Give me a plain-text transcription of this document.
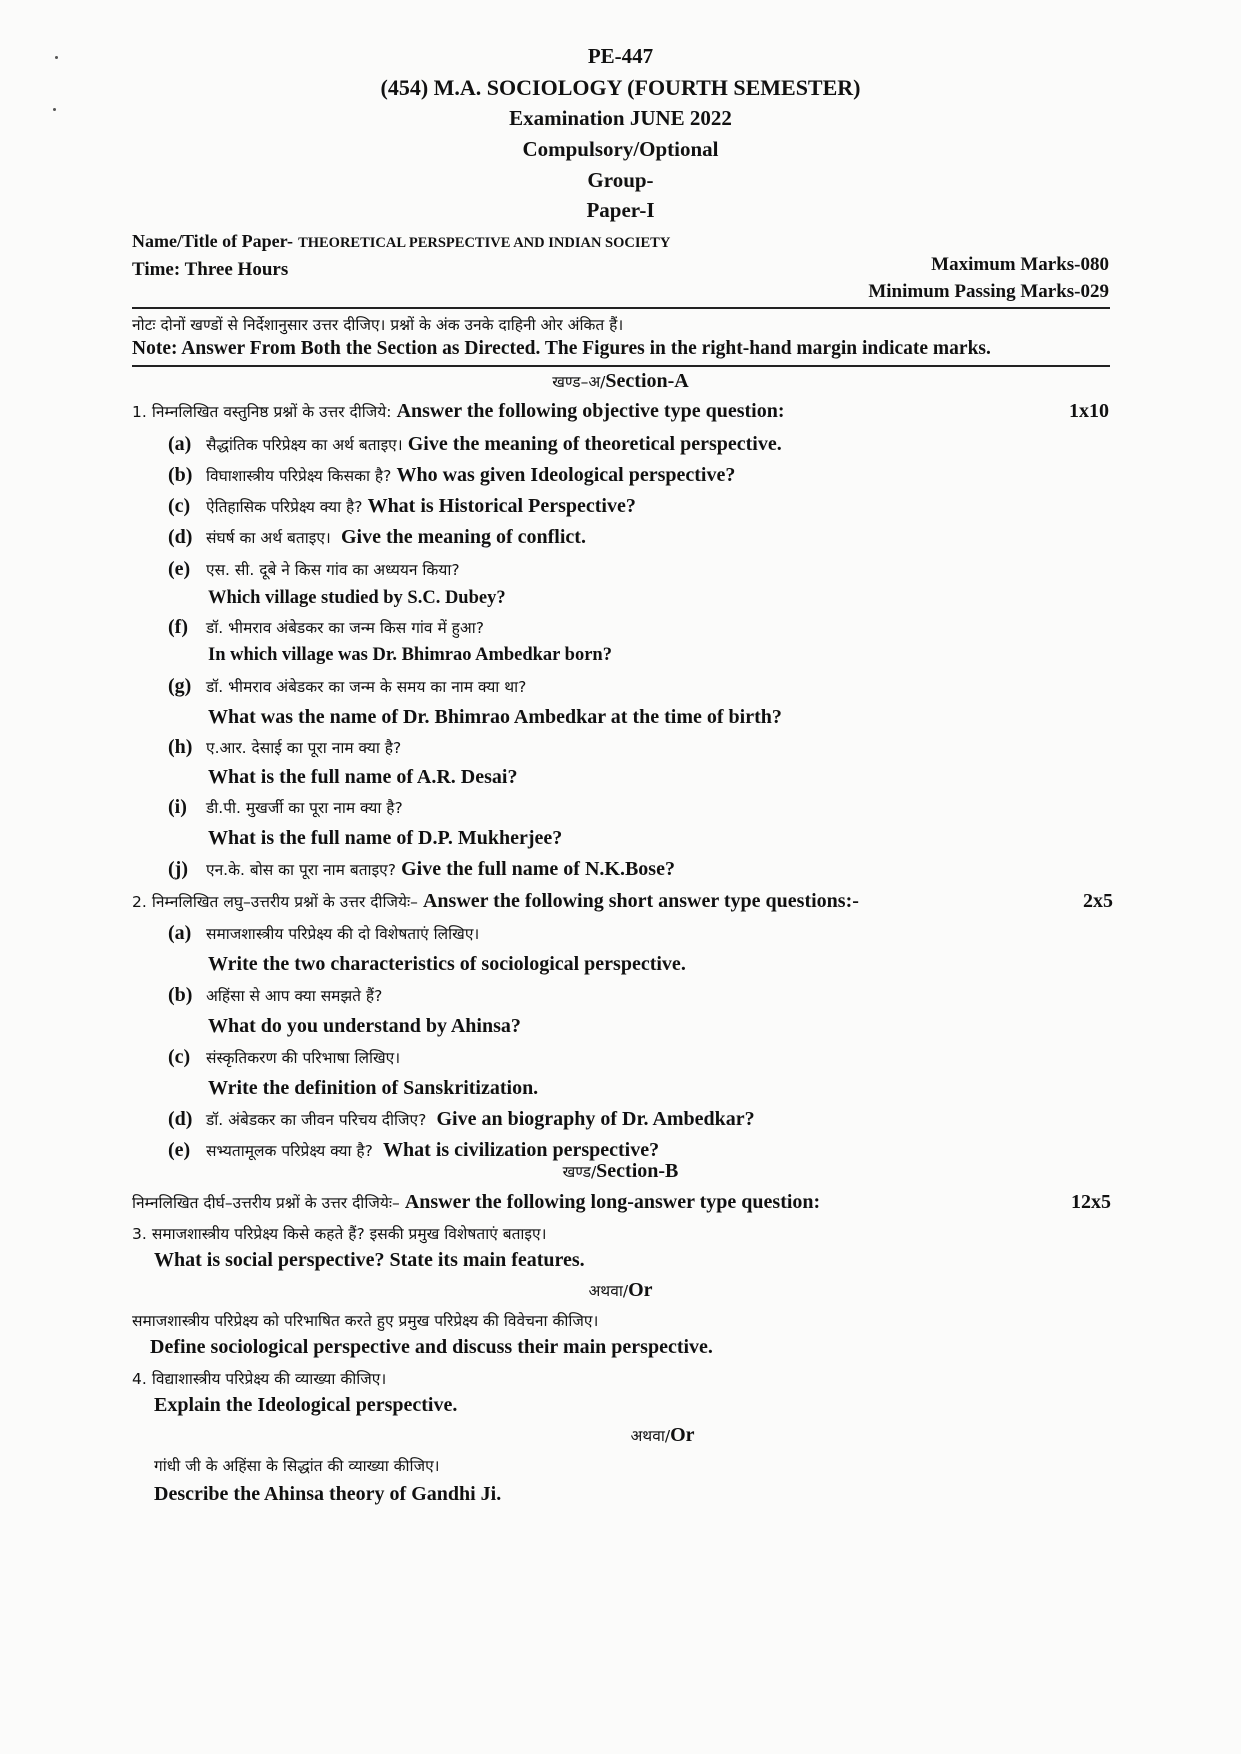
PE-447
(454) M.A. SOCIOLOGY (FOURTH SEMESTER)
Examination JUNE 2022
Compulsory/Optional
Group-
Paper-I
Name/Title of Paper- THEORETICAL PERSPECTIVE AND INDIAN SOCIETY
Time: Three Hours	Maximum Marks-080
Minimum Passing Marks-029
नोटः दोनों खण्डों से निर्देशानुसार उत्तर दीजिए। प्रश्नों के अंक उनके दाहिनी ओर अंकित हैं।
Note: Answer From Both the Section as Directed. The Figures in the right-hand margin indicate marks.
खण्ड–अ/Section-A
1. निम्नलिखित वस्तुनिष्ठ प्रश्नों के उत्तर दीजिये: Answer the following objective type question:	1x10
(a) सैद्धांतिक परिप्रेक्ष्य का अर्थ बताइए। Give the meaning of theoretical perspective.
(b) विघाशास्त्रीय परिप्रेक्ष्य किसका है? Who was given Ideological perspective?
(c) ऐतिहासिक परिप्रेक्ष्य क्या है? What is Historical Perspective?
(d) संघर्ष का अर्थ बताइए। Give the meaning of conflict.
(e) एस. सी. दूबे ने किस गांव का अध्ययन किया?
Which village studied by S.C. Dubey?
(f) डॉ. भीमराव अंबेडकर का जन्म किस गांव में हुआ?
In which village was Dr. Bhimrao Ambedkar born?
(g) डॉ. भीमराव अंबेडकर का जन्म के समय का नाम क्या था?
What was the name of Dr. Bhimrao Ambedkar at the time of birth?
(h) ए.आर. देसाई का पूरा नाम क्या है?
What is the full name of A.R. Desai?
(i) डी.पी. मुखर्जी का पूरा नाम क्या है?
What is the full name of D.P. Mukherjee?
(j) एन.के. बोस का पूरा नाम बताइए? Give the full name of N.K.Bose?
2. निम्नलिखित लघु–उत्तरीय प्रश्नों के उत्तर दीजियेः– Answer the following short answer type questions:-	2x5
(a) समाजशास्त्रीय परिप्रेक्ष्य की दो विशेषताएं लिखिए।
Write the two characteristics of sociological perspective.
(b) अहिंसा से आप क्या समझते हैं?
What do you understand by Ahinsa?
(c) संस्कृतिकरण की परिभाषा लिखिए।
Write the definition of Sanskritization.
(d) डॉ. अंबेडकर का जीवन परिचय दीजिए? Give an biography of Dr. Ambedkar?
(e) सभ्यतामूलक परिप्रेक्ष्य क्या है? What is civilization perspective?
खण्ड/Section-B
निम्नलिखित दीर्घ–उत्तरीय प्रश्नों के उत्तर दीजियेः– Answer the following long-answer type question:	12x5
3. समाजशास्त्रीय परिप्रेक्ष्य किसे कहते हैं? इसकी प्रमुख विशेषताएं बताइए।
What is social perspective? State its main features.
अथवा/Or
समाजशास्त्रीय परिप्रेक्ष्य को परिभाषित करते हुए प्रमुख परिप्रेक्ष्य की विवेचना कीजिए।
Define sociological perspective and discuss their main perspective.
4. विद्याशास्त्रीय परिप्रेक्ष्य की व्याख्या कीजिए।
Explain the Ideological perspective.
अथवा/Or
गांधी जी के अहिंसा के सिद्धांत की व्याख्या कीजिए।
Describe the Ahinsa theory of Gandhi Ji.
